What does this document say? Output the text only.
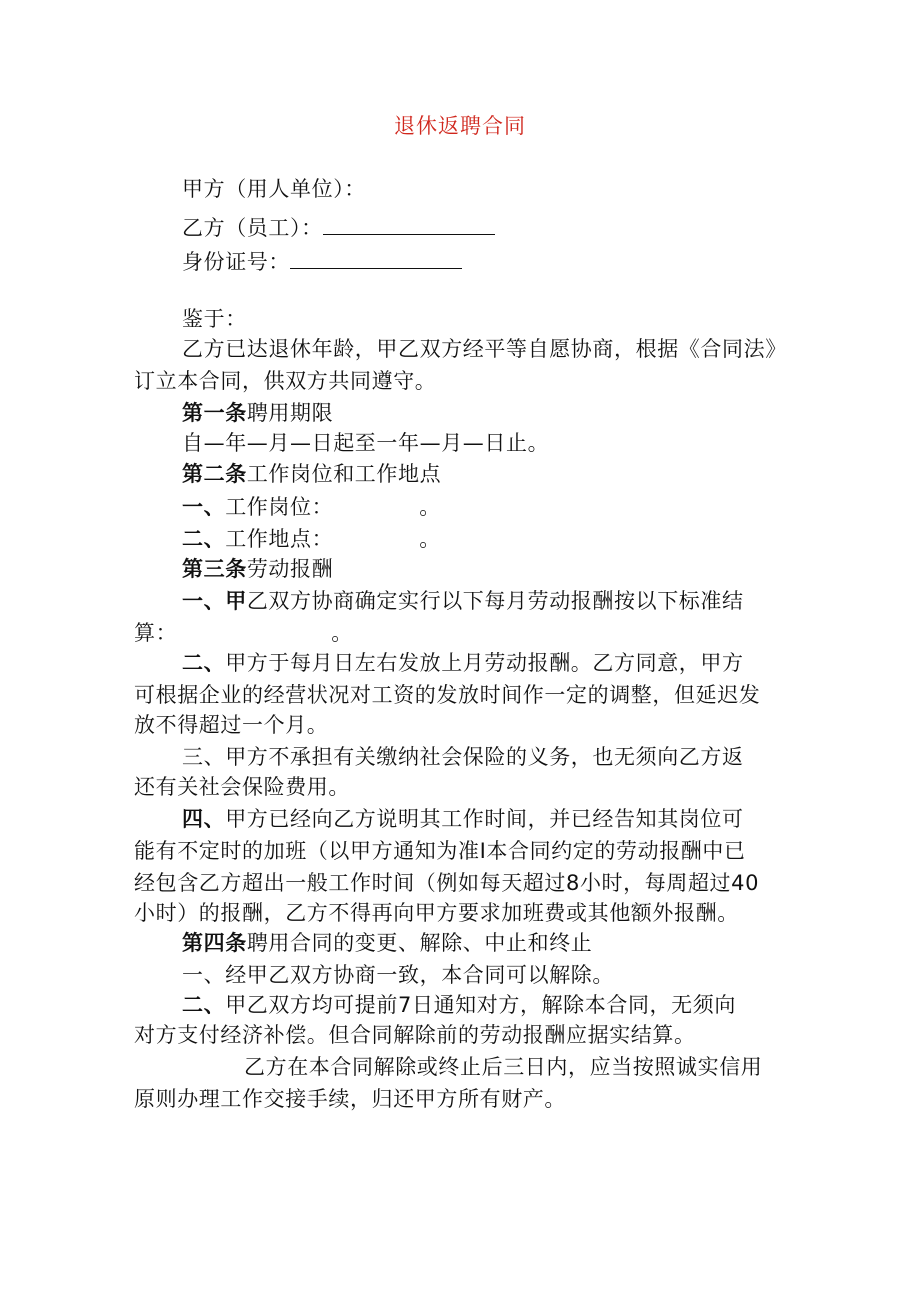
退休返聘合同
甲方（用人单位）：
乙方（员工）：
身份证号：
鉴于：
乙方已达退休年龄，甲乙双方经平等自愿协商，根据《合同法》
订立本合同，供双方共同遵守。
第一条聘用期限
自—年—月—日起至一年—月—日止。
第二条工作岗位和工作地点
一、工作岗位：	。
二、工作地点：	。
第三条劳动报酬
一、甲乙双方协商确定实行以下每月劳动报酬按以下标准结
算：	。
二、甲方于每月日左右发放上月劳动报酬。乙方同意，甲方
可根据企业的经营状况对工资的发放时间作一定的调整，但延迟发
放不得超过一个月。
三、甲方不承担有关缴纳社会保险的义务，也无须向乙方返
还有关社会保险费用。
四、甲方已经向乙方说明其工作时间，并已经告知其岗位可
能有不定时的加班（以甲方通知为准I本合同约定的劳动报酬中已
经包含乙方超出一般工作时间（例如每天超过8小时，每周超过40
小时）的报酬，乙方不得再向甲方要求加班费或其他额外报酬。
第四条聘用合同的变更、解除、中止和终止
一、经甲乙双方协商一致，本合同可以解除。
二、甲乙双方均可提前7日通知对方，解除本合同，无须向
对方支付经济补偿。但合同解除前的劳动报酬应据实结算。
乙方在本合同解除或终止后三日内，应当按照诚实信用
原则办理工作交接手续，归还甲方所有财产。
